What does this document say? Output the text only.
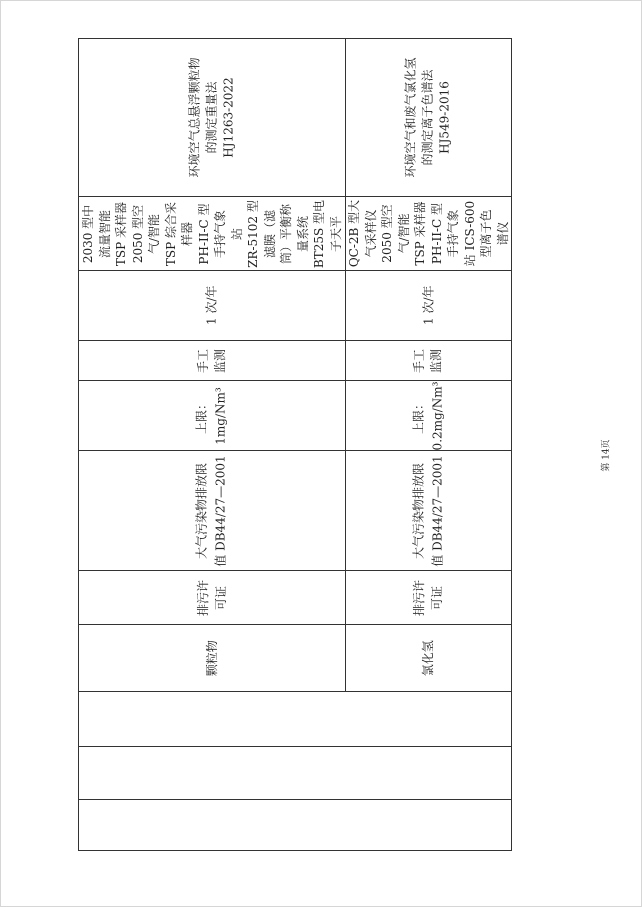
环境空气总悬浮颗粒物
的测定重量法
HJ1263-2022
2030 型中
流量智能
TSP 采样器
2050 型空
气/智能
TSP 综合采
样器
PH-II-C 型
手持气象
站
ZR-5102 型
滤膜（滤
筒）平衡称
量系统
BT25S 型电
子天平
1 次/年
手工
监测
上限：
1mg/Nm³
大气污染物排放限
值 DB44/27—2001
排污许
可证
颗粒物
环境空气和废气氯化氢
的测定离子色谱法
HJ549-2016
QC-2B 型大
气采样仪
2050 型空
气/智能
TSP 采样器
PH-II-C 型
手持气象
站 ICS-600
型离子色
谱仪
1 次/年
手工
监测
上限：
0.2mg/Nm³
大气污染物排放限
值 DB44/27—2001
排污许
可证
氯化氢
第 14页
